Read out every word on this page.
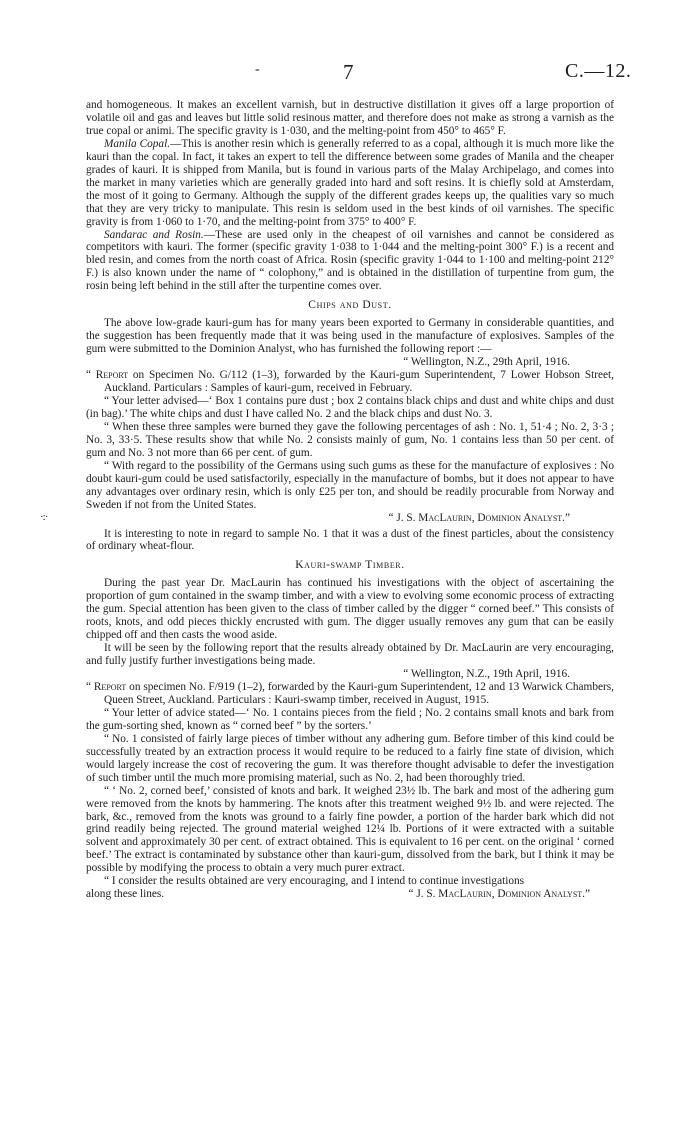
-	7	C.—12.
·:·

and homogeneous. It makes an excellent varnish, but in destructive distillation it gives off a large proportion of volatile oil and gas and leaves but little solid resinous matter, and therefore does not make as strong a varnish as the true copal or animi. The specific gravity is 1·030, and the melting-point from 450° to 465° F.

Manila Copal.—This is another resin which is generally referred to as a copal, although it is much more like the kauri than the copal. In fact, it takes an expert to tell the difference between some grades of Manila and the cheaper grades of kauri. It is shipped from Manila, but is found in various parts of the Malay Archipelago, and comes into the market in many varieties which are generally graded into hard and soft resins. It is chiefly sold at Amsterdam, the most of it going to Germany. Although the supply of the different grades keeps up, the qualities vary so much that they are very tricky to manipulate. This resin is seldom used in the best kinds of oil varnishes. The specific gravity is from 1·060 to 1·70, and the melting-point from 375° to 400° F.

Sandarac and Rosin.—These are used only in the cheapest of oil varnishes and cannot be considered as competitors with kauri. The former (specific gravity 1·038 to 1·044 and the melting-point 300° F.) is a recent and bled resin, and comes from the north coast of Africa. Rosin (specific gravity 1·044 to 1·100 and melting-point 212° F.) is also known under the name of “ colophony,” and is obtained in the distillation of turpentine from gum, the rosin being left behind in the still after the turpentine comes over.

Chips and Dust.

The above low-grade kauri-gum has for many years been exported to Germany in considerable quantities, and the suggestion has been frequently made that it was being used in the manufacture of explosives. Samples of the gum were submitted to the Dominion Analyst, who has furnished the following report :—

“ Wellington, N.Z., 29th April, 1916.

“ Report on Specimen No. G/112 (1–3), forwarded by the Kauri-gum Superintendent, 7 Lower Hobson Street, Auckland. Particulars : Samples of kauri-gum, received in February.

“ Your letter advised—‘ Box 1 contains pure dust ; box 2 contains black chips and dust and white chips and dust (in bag).’ The white chips and dust I have called No. 2 and the black chips and dust No. 3.

“ When these three samples were burned they gave the following percentages of ash : No. 1, 51·4 ; No. 2, 3·3 ; No. 3, 33·5. These results show that while No. 2 consists mainly of gum, No. 1 contains less than 50 per cent. of gum and No. 3 not more than 66 per cent. of gum.

“ With regard to the possibility of the Germans using such gums as these for the manufacture of explosives : No doubt kauri-gum could be used satisfactorily, especially in the manufacture of bombs, but it does not appear to have any advantages over ordinary resin, which is only £25 per ton, and should be readily procurable from Norway and Sweden if not from the United States.

“ J. S. MacLaurin, Dominion Analyst.”

It is interesting to note in regard to sample No. 1 that it was a dust of the finest particles, about the consistency of ordinary wheat-flour.

Kauri-swamp Timber.

During the past year Dr. MacLaurin has continued his investigations with the object of ascertaining the proportion of gum contained in the swamp timber, and with a view to evolving some economic process of extracting the gum. Special attention has been given to the class of timber called by the digger “ corned beef.” This consists of roots, knots, and odd pieces thickly encrusted with gum. The digger usually removes any gum that can be easily chipped off and then casts the wood aside.

It will be seen by the following report that the results already obtained by Dr. MacLaurin are very encouraging, and fully justify further investigations being made.

“ Wellington, N.Z., 19th April, 1916.

“ Report on specimen No. F/919 (1–2), forwarded by the Kauri-gum Superintendent, 12 and 13 Warwick Chambers, Queen Street, Auckland. Particulars : Kauri-swamp timber, received in August, 1915.

“ Your letter of advice stated—‘ No. 1 contains pieces from the field ; No. 2 contains small knots and bark from the gum-sorting shed, known as “ corned beef ” by the sorters.’

“ No. 1 consisted of fairly large pieces of timber without any adhering gum. Before timber of this kind could be successfully treated by an extraction process it would require to be reduced to a fairly fine state of division, which would largely increase the cost of recovering the gum. It was therefore thought advisable to defer the investigation of such timber until the much more promising material, such as No. 2, had been thoroughly tried.

“ ‘ No. 2, corned beef,’ consisted of knots and bark. It weighed 23½ lb. The bark and most of the adhering gum were removed from the knots by hammering. The knots after this treatment weighed 9½ lb. and were rejected. The bark, &c., removed from the knots was ground to a fairly fine powder, a portion of the harder bark which did not grind readily being rejected. The ground material weighed 12¼ lb. Portions of it were extracted with a suitable solvent and approximately 30 per cent. of extract obtained. This is equivalent to 16 per cent. on the original ‘ corned beef.’ The extract is contaminated by substance other than kauri-gum, dissolved from the bark, but I think it may be possible by modifying the process to obtain a very much purer extract.

“ I consider the results obtained are very encouraging, and I intend to continue investigations

along these lines.	“ J. S. MacLaurin, Dominion Analyst.”
